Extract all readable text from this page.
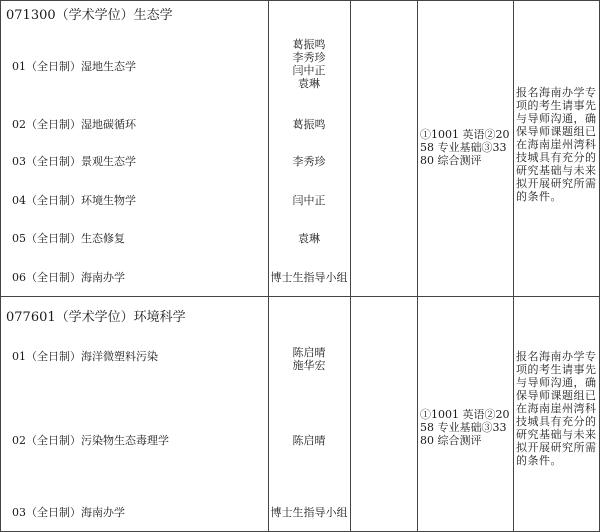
071300（学术学位）生态学
01（全日制）湿地生态学
02（全日制）湿地碳循环
03（全日制）景观生态学
04（全日制）环境生物学
05（全日制）生态修复
06（全日制）海南办学
葛振鸣
李秀珍
闫中正
袁琳
葛振鸣
李秀珍
闫中正
袁琳
博士生指导小组
①1001 英语②2058 专业基础③3380 综合测评
报名海南办学专项的考生请事先与导师沟通，确保导师课题组已在海南崖州湾科技城具有充分的研究基础与未来拟开展研究所需的条件。
077601（学术学位）环境科学
01（全日制）海洋微塑料污染
02（全日制）污染物生态毒理学
03（全日制）海南办学
陈启晴
施华宏
陈启晴
博士生指导小组
①1001 英语②2058 专业基础③3380 综合测评
报名海南办学专项的考生请事先与导师沟通，确保导师课题组已在海南崖州湾科技城具有充分的研究基础与未来拟开展研究所需的条件。
